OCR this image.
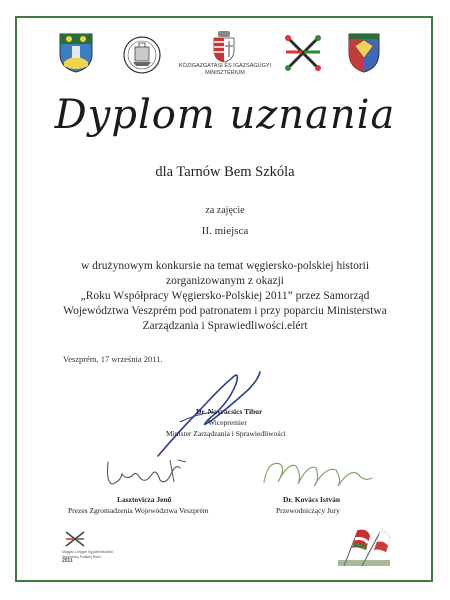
KÖZIGAZGATÁSI ÉS IGAZSÁGÜGYI
MINISZTÉRIUM
Dyplom uznania
dla Tarnów Bem Szkóla
za zajęcie
II. miejsca
w drużynowym konkursie na temat węgiersko-polskiej historii
zorganizowanym z okazji
„Roku Współpracy Węgiersko-Polskiej 2011” przez Samorząd
Województwa Veszprém pod patronatem i przy poparciu Ministerstwa
Zarządzania i Sprawiedliwości.elért
Veszprém, 17 września 2011.
Dr. Navracsics Tibor
Wicepremier
Minister Zarządzania i Sprawiedliwości
Lasztovicza Jenő
Prezes Zgromadzenia Województwa Veszprém
Dr. Kovács István
Przewodniczący Jury
Magyar-Lengyel Együttműködési
Węgiersko-Polskiej Roku
2011
